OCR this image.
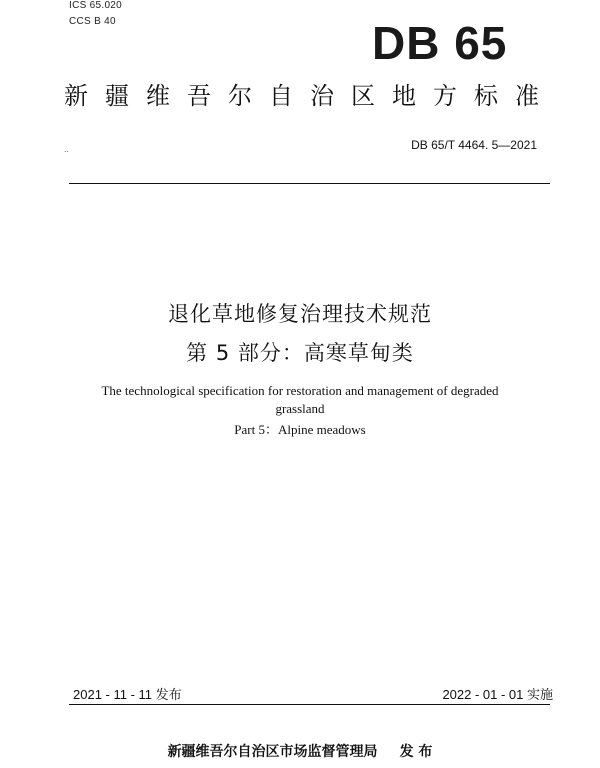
ICS 65.020
CCS B 40	DB 65
新疆维吾尔自治区地方标准
..	DB 65/T 4464. 5—2021
退化草地修复治理技术规范
第 5 部分：高寒草甸类
The technological specification for restoration and management of degraded
grassland
Part 5：Alpine meadows
2021 - 11 - 11 发布	2022 - 01 - 01 实施
新疆维吾尔自治区市场监督管理局 发 布
